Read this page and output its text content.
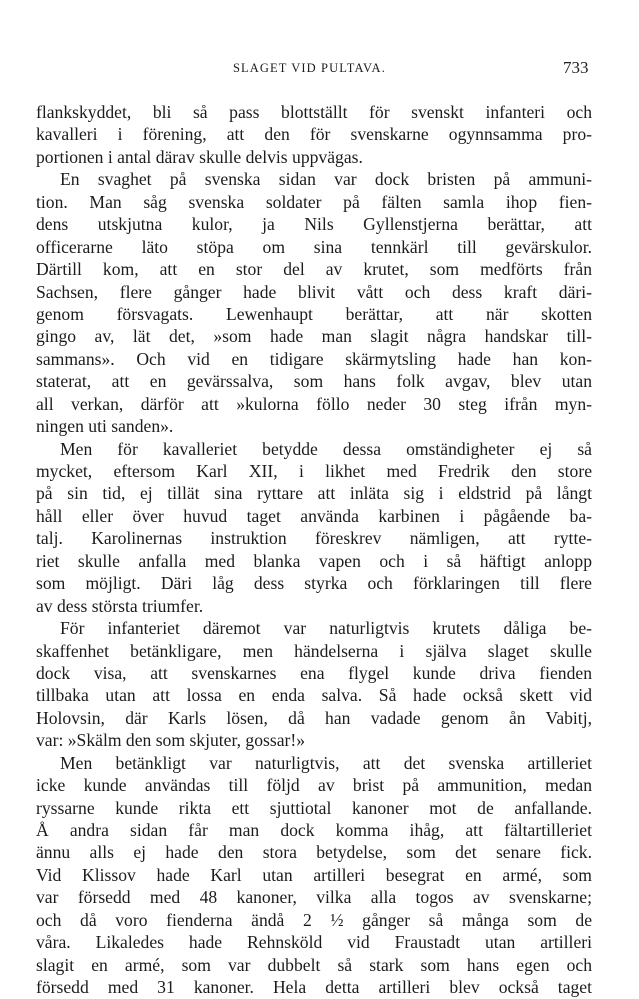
SLAGET VID PULTAVA.	733
flankskyddet, bli så pass blottställt för svenskt infanteri och
kavalleri i förening, att den för svenskarne ogynnsamma pro-
portionen i antal därav skulle delvis uppvägas.
En svaghet på svenska sidan var dock bristen på ammuni-
tion. Man såg svenska soldater på fälten samla ihop fien-
dens utskjutna kulor, ja Nils Gyllenstjerna berättar, att
officerarne läto stöpa om sina tennkärl till gevärskulor.
Därtill kom, att en stor del av krutet, som medförts från
Sachsen, flere gånger hade blivit vått och dess kraft däri-
genom försvagats. Lewenhaupt berättar, att när skotten
gingo av, lät det, »som hade man slagit några handskar till-
sammans». Och vid en tidigare skärmytsling hade han kon-
staterat, att en gevärssalva, som hans folk avgav, blev utan
all verkan, därför att »kulorna föllo neder 30 steg ifrån myn-
ningen uti sanden».
Men för kavalleriet betydde dessa omständigheter ej så
mycket, eftersom Karl XII, i likhet med Fredrik den store
på sin tid, ej tillät sina ryttare att inläta sig i eldstrid på långt
håll eller över huvud taget använda karbinen i pågående ba-
talj. Karolinernas instruktion föreskrev nämligen, att rytte-
riet skulle anfalla med blanka vapen och i så häftigt anlopp
som möjligt. Däri låg dess styrka och förklaringen till flere
av dess största triumfer.
För infanteriet däremot var naturligtvis krutets dåliga be-
skaffenhet betänkligare, men händelserna i själva slaget skulle
dock visa, att svenskarnes ena flygel kunde driva fienden
tillbaka utan att lossa en enda salva. Så hade också skett vid
Holovsin, där Karls lösen, då han vadade genom ån Vabitj,
var: »Skälm den som skjuter, gossar!»
Men betänkligt var naturligtvis, att det svenska artilleriet
icke kunde användas till följd av brist på ammunition, medan
ryssarne kunde rikta ett sjuttiotal kanoner mot de anfallande.
Å andra sidan får man dock komma ihåg, att fältartilleriet
ännu alls ej hade den stora betydelse, som det senare fick.
Vid Klissov hade Karl utan artilleri besegrat en armé, som
var försedd med 48 kanoner, vilka alla togos av svenskarne;
och då voro fienderna ändå 2 ½ gånger så många som de
våra. Likaledes hade Rehnsköld vid Fraustadt utan artilleri
slagit en armé, som var dubbelt så stark som hans egen och
försedd med 31 kanoner. Hela detta artilleri blev också taget
